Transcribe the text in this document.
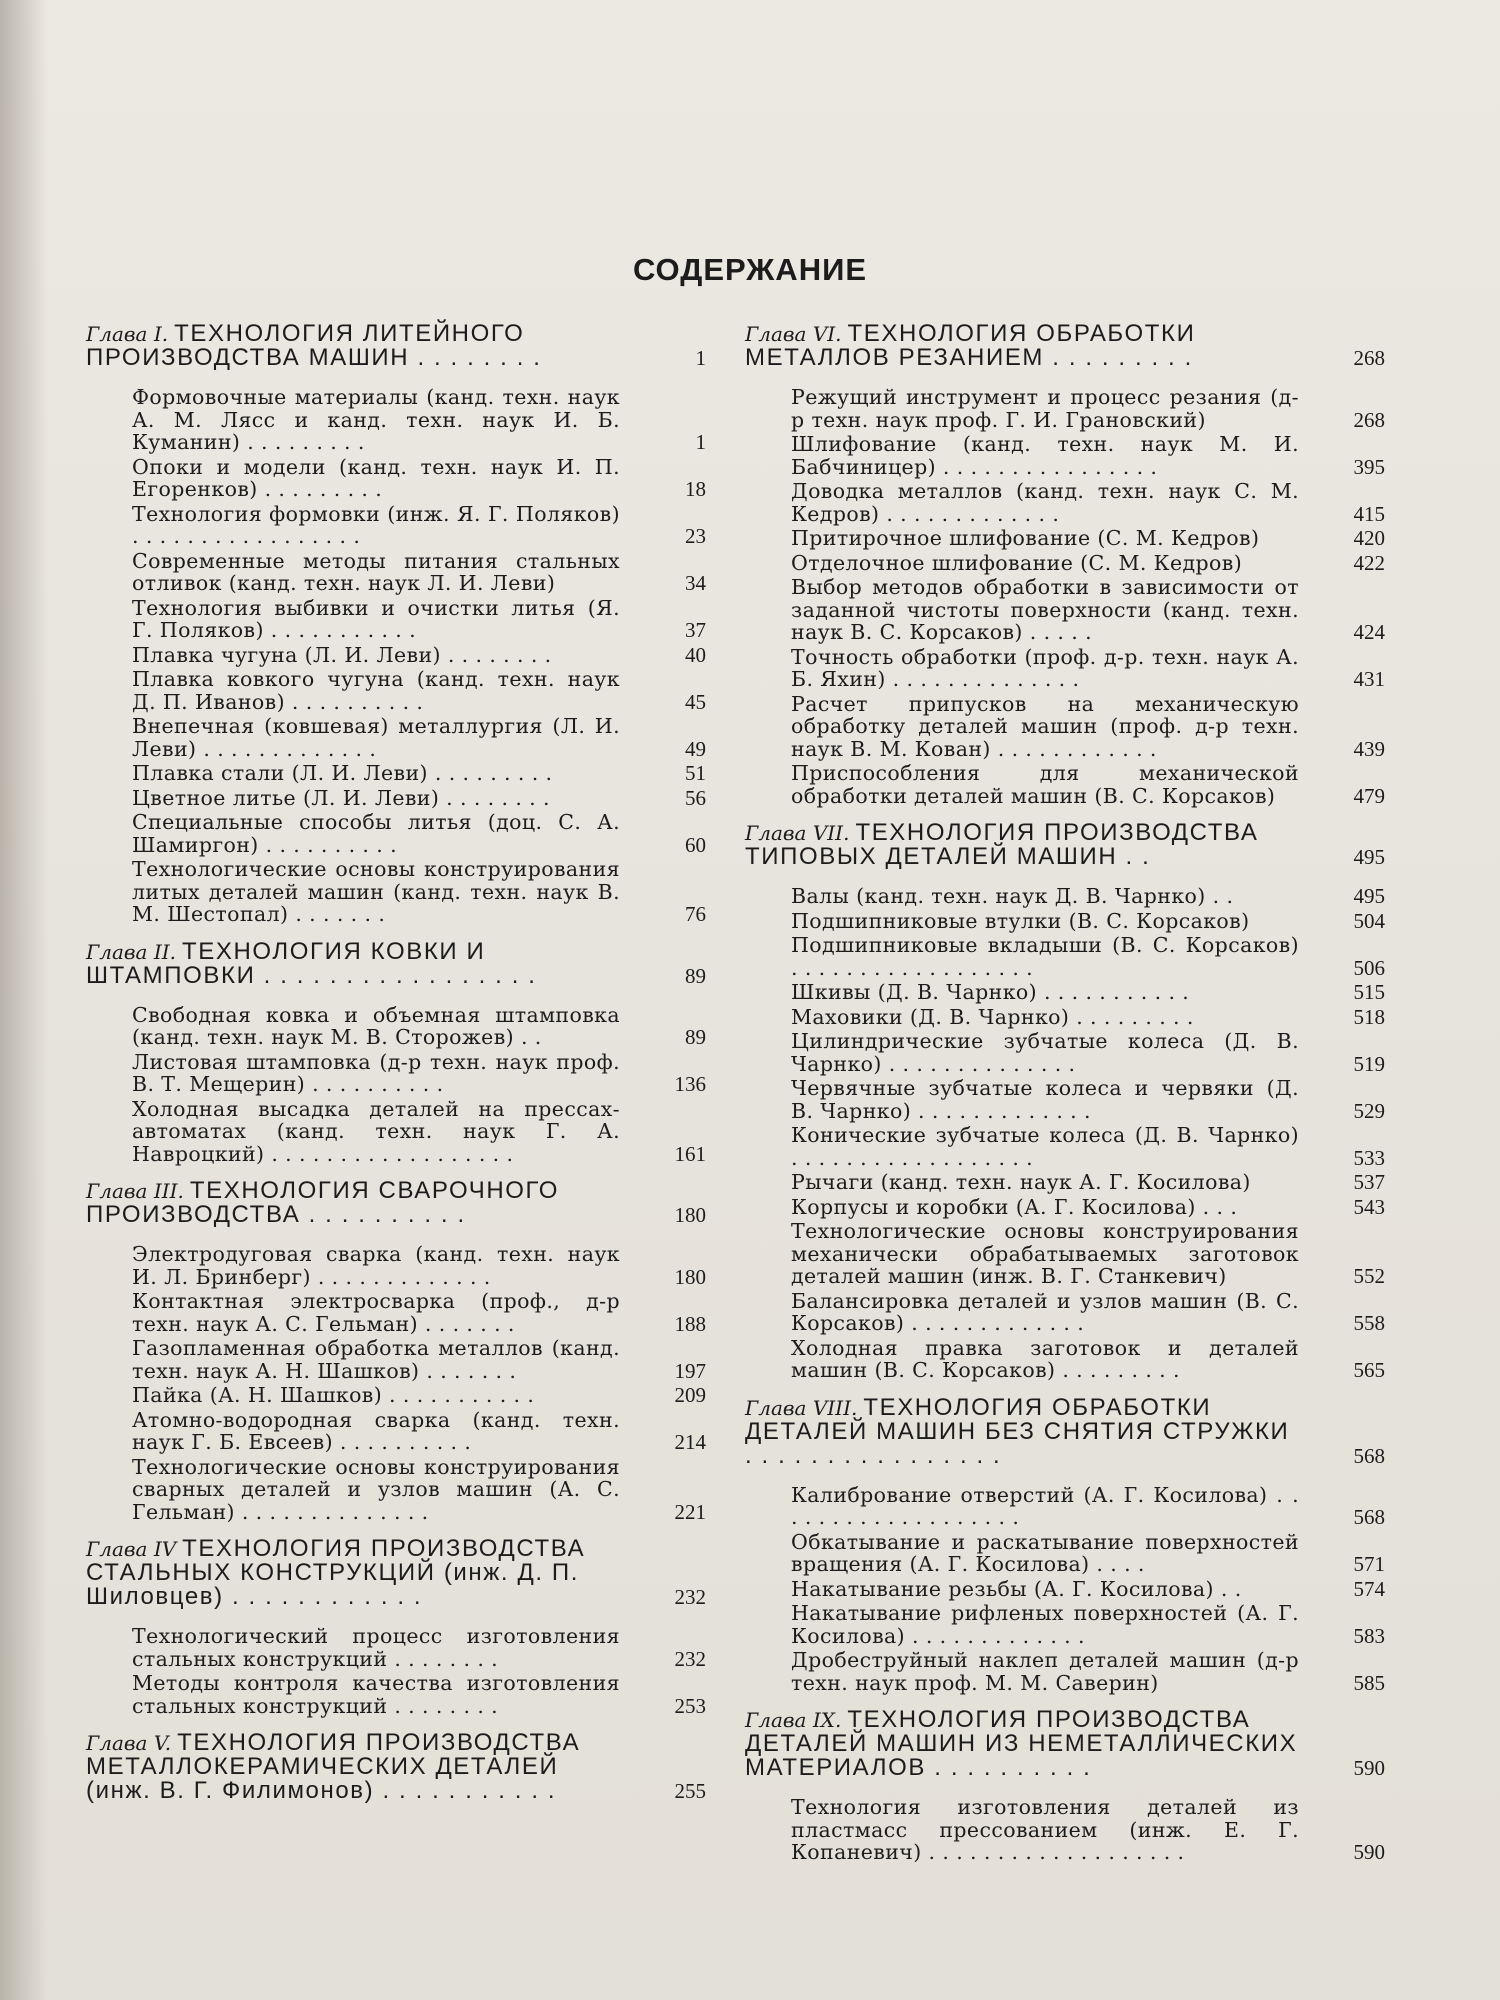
СОДЕРЖАНИЕ
Глава I. ТЕХНОЛОГИЯ ЛИТЕЙНОГО ПРОИЗВОДСТВА МАШИН . . . . . . . .	1
Формовочные материалы (канд. техн. наук А. М. Лясс и канд. техн. наук И. Б. Куманин) . . . . . . . . .	1
Опоки и модели (канд. техн. наук И. П. Егоренков) . . . . . . . . .	18
Технология формовки (инж. Я. Г. Поляков) . . . . . . . . . . . . . . . . .	23
Современные методы питания стальных отливок (канд. техн. наук Л. И. Леви)	34
Технология выбивки и очистки литья (Я. Г. Поляков) . . . . . . . . . . .	37
Плавка чугуна (Л. И. Леви) . . . . . . . .	40
Плавка ковкого чугуна (канд. техн. наук Д. П. Иванов) . . . . . . . . . .	45
Внепечная (ковшевая) металлургия (Л. И. Леви) . . . . . . . . . . . . .	49
Плавка стали (Л. И. Леви) . . . . . . . . .	51
Цветное литье (Л. И. Леви) . . . . . . . .	56
Специальные способы литья (доц. С. А. Шамиргон) . . . . . . . . . .	60
Технологические основы конструирования литых деталей машин (канд. техн. наук В. М. Шестопал) . . . . . . .	76
Глава II. ТЕХНОЛОГИЯ КОВКИ И ШТАМПОВКИ . . . . . . . . . . . . . . . . .	89
Свободная ковка и объемная штамповка (канд. техн. наук М. В. Сторожев) . .	89
Листовая штамповка (д-р техн. наук проф. В. Т. Мещерин) . . . . . . . . . .	136
Холодная высадка деталей на прессах-автоматах (канд. техн. наук Г. А. Навроцкий) . . . . . . . . . . . . . . . . . .	161
Глава III. ТЕХНОЛОГИЯ СВАРОЧНОГО ПРОИЗВОДСТВА . . . . . . . . . .	180
Электродуговая сварка (канд. техн. наук И. Л. Бринберг) . . . . . . . . . . . . .	180
Контактная электросварка (проф., д-р техн. наук А. С. Гельман) . . . . . . .	188
Газопламенная обработка металлов (канд. техн. наук А. Н. Шашков) . . . . . . .	197
Пайка (А. Н. Шашков) . . . . . . . . . . .	209
Атомно-водородная сварка (канд. техн. наук Г. Б. Евсеев) . . . . . . . . . .	214
Технологические основы конструирования сварных деталей и узлов машин (А. С. Гельман) . . . . . . . . . . . . . .	221
Глава IV ТЕХНОЛОГИЯ ПРОИЗВОДСТВА СТАЛЬНЫХ КОНСТРУКЦИЙ (инж. Д. П. Шиловцев) . . . . . . . . . . . .	232
Технологический процесс изготовления стальных конструкций . . . . . . . .	232
Методы контроля качества изготовления стальных конструкций . . . . . . . .	253
Глава V. ТЕХНОЛОГИЯ ПРОИЗВОДСТВА МЕТАЛЛОКЕРАМИЧЕСКИХ ДЕТАЛЕЙ (инж. В. Г. Филимонов) . . . . . . . . . . .	255
Глава VI. ТЕХНОЛОГИЯ ОБРАБОТКИ МЕТАЛЛОВ РЕЗАНИЕМ . . . . . . . . .	268
Режущий инструмент и процесс резания (д-р техн. наук проф. Г. И. Грановский)	268
Шлифование (канд. техн. наук М. И. Бабчиницер) . . . . . . . . . . . . . . . .	395
Доводка металлов (канд. техн. наук С. М. Кедров) . . . . . . . . . . . . .	415
Притирочное шлифование (С. М. Кедров)	420
Отделочное шлифование (С. М. Кедров)	422
Выбор методов обработки в зависимости от заданной чистоты поверхности (канд. техн. наук В. С. Корсаков) . . . . .	424
Точность обработки (проф. д-р. техн. наук А. Б. Яхин) . . . . . . . . . . . . . .	431
Расчет припусков на механическую обработку деталей машин (проф. д-р техн. наук В. М. Кован) . . . . . . . . . . . .	439
Приспособления для механической обработки деталей машин (В. С. Корсаков)	479
Глава VII. ТЕХНОЛОГИЯ ПРОИЗВОДСТВА ТИПОВЫХ ДЕТАЛЕЙ МАШИН . .	495
Валы (канд. техн. наук Д. В. Чарнко) . .	495
Подшипниковые втулки (В. С. Корсаков)	504
Подшипниковые вкладыши (В. С. Корсаков) . . . . . . . . . . . . . . . . . .	506
Шкивы (Д. В. Чарнко) . . . . . . . . . . .	515
Маховики (Д. В. Чарнко) . . . . . . . . .	518
Цилиндрические зубчатые колеса (Д. В. Чарнко) . . . . . . . . . . . . . .	519
Червячные зубчатые колеса и червяки (Д. В. Чарнко) . . . . . . . . . . . . .	529
Конические зубчатые колеса (Д. В. Чарнко) . . . . . . . . . . . . . . . . . .	533
Рычаги (канд. техн. наук А. Г. Косилова)	537
Корпусы и коробки (А. Г. Косилова) . . .	543
Технологические основы конструирования механически обрабатываемых заготовок деталей машин (инж. В. Г. Станкевич)	552
Балансировка деталей и узлов машин (В. С. Корсаков) . . . . . . . . . . . . .	558
Холодная правка заготовок и деталей машин (В. С. Корсаков) . . . . . . . . .	565
Глава VIII. ТЕХНОЛОГИЯ ОБРАБОТКИ ДЕТАЛЕЙ МАШИН БЕЗ СНЯТИЯ СТРУЖКИ . . . . . . . . . . . . . . . .	568
Калибрование отверстий (А. Г. Косилова) . . . . . . . . . . . . . . . . . . .	568
Обкатывание и раскатывание поверхностей вращения (А. Г. Косилова) . . . .	571
Накатывание резьбы (А. Г. Косилова) . .	574
Накатывание рифленых поверхностей (А. Г. Косилова) . . . . . . . . . . . . .	583
Дробеструйный наклеп деталей машин (д-р техн. наук проф. М. М. Саверин)	585
Глава IX. ТЕХНОЛОГИЯ ПРОИЗВОДСТВА ДЕТАЛЕЙ МАШИН ИЗ НЕМЕТАЛЛИЧЕСКИХ МАТЕРИАЛОВ . . . . . . . . . .	590
Технология изготовления деталей из пластмасс прессованием (инж. Е. Г. Копаневич) . . . . . . . . . . . . . . . . . . .	590
